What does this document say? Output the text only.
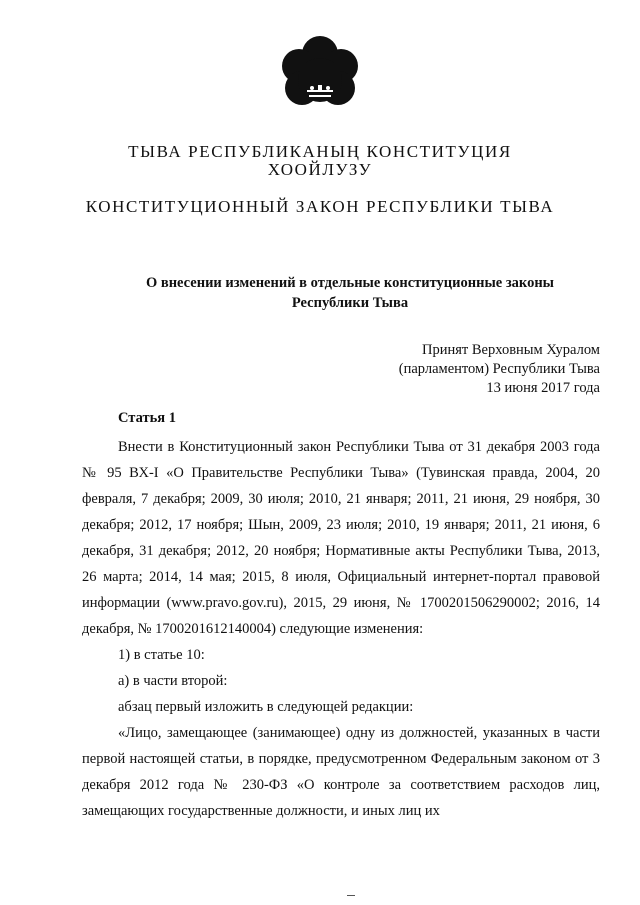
ТЫВА РЕСПУБЛИКАНЫҢ КОНСТИТУЦИЯ
ХООЙЛУЗУ
КОНСТИТУЦИОННЫЙ ЗАКОН РЕСПУБЛИКИ ТЫВА
О внесении изменений в отдельные конституционные законы
Республики Тыва
Принят Верховным Хуралом
(парламентом) Республики Тыва
13 июня 2017 года
Статья 1

Внести в Конституционный закон Республики Тыва от 31 декабря 2003 года № 95 ВХ-I «О Правительстве Республики Тыва» (Тувинская правда, 2004, 20 февраля, 7 декабря; 2009, 30 июля; 2010, 21 января; 2011, 21 июня, 29 ноября, 30 декабря; 2012, 17 ноября; Шын, 2009, 23 июля; 2010, 19 января; 2011, 21 июня, 6 декабря, 31 декабря; 2012, 20 ноября; Нормативные акты Республики Тыва, 2013, 26 марта; 2014, 14 мая; 2015, 8 июля, Официальный интернет-портал правовой информации (www.pravo.gov.ru), 2015, 29 июня, № 1700201506290002; 2016, 14 декабря, № 1700201612140004) следующие изменения:

1) в статье 10:

а) в части второй:

абзац первый изложить в следующей редакции:

«Лицо, замещающее (занимающее) одну из должностей, указанных в части первой настоящей статьи, в порядке, предусмотренном Федеральным законом от 3 декабря 2012 года № 230-ФЗ «О контроле за соответствием расходов лиц, замещающих государственные должности, и иных лиц их
